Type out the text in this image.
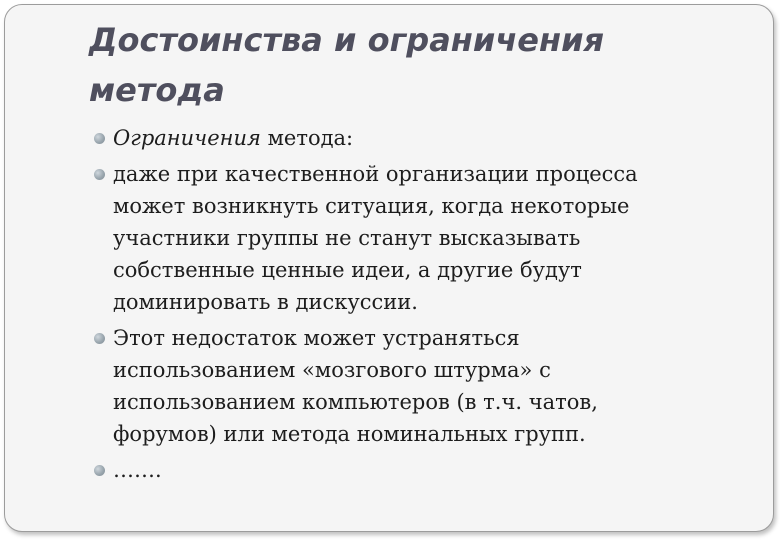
Достоинства и ограничения метода
Ограничения метода:
даже при качественной организации процесса может возникнуть ситуация, когда некоторые участники группы не станут высказывать собственные ценные идеи, а другие будут доминировать в дискуссии.
Этот недостаток может устраняться использованием «мозгового штурма» с использованием компьютеров (в т.ч. чатов, форумов) или метода номинальных групп.
…….
